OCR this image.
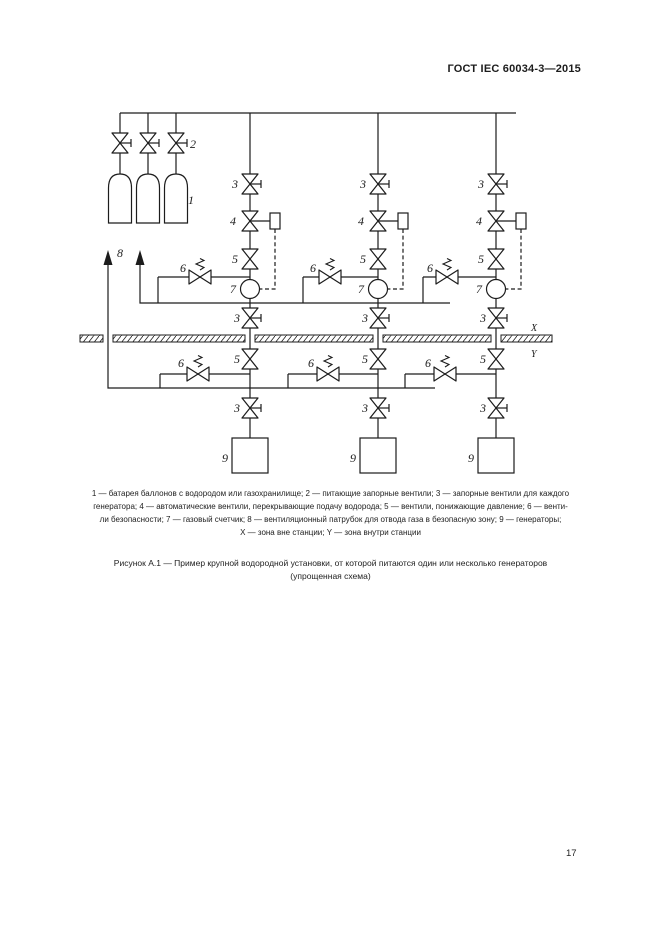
ГОСТ IEC 60034-3—2015
2
1
8
3
4
5
6
7
3
5
6
3
9
3
4
5
6
7
3
5
6
3
9
3
4
5
6
7
3
5
6
3
9
X
Y
1 — батарея баллонов с водородом или газохранилище; 2 — питающие запорные вентили; 3 — запорные вентили для каждого
генератора; 4 — автоматические вентили, перекрывающие подачу водорода; 5 — вентили, понижающие давление; 6 — венти-
ли безопасности; 7 — газовый счетчик; 8 — вентиляционный патрубок для отвода газа в безопасную зону; 9 — генераторы;
X — зона вне станции; Y — зона внутри станции
Рисунок А.1 — Пример крупной водородной установки, от которой питаются один или несколько генераторов
(упрощенная схема)
17
